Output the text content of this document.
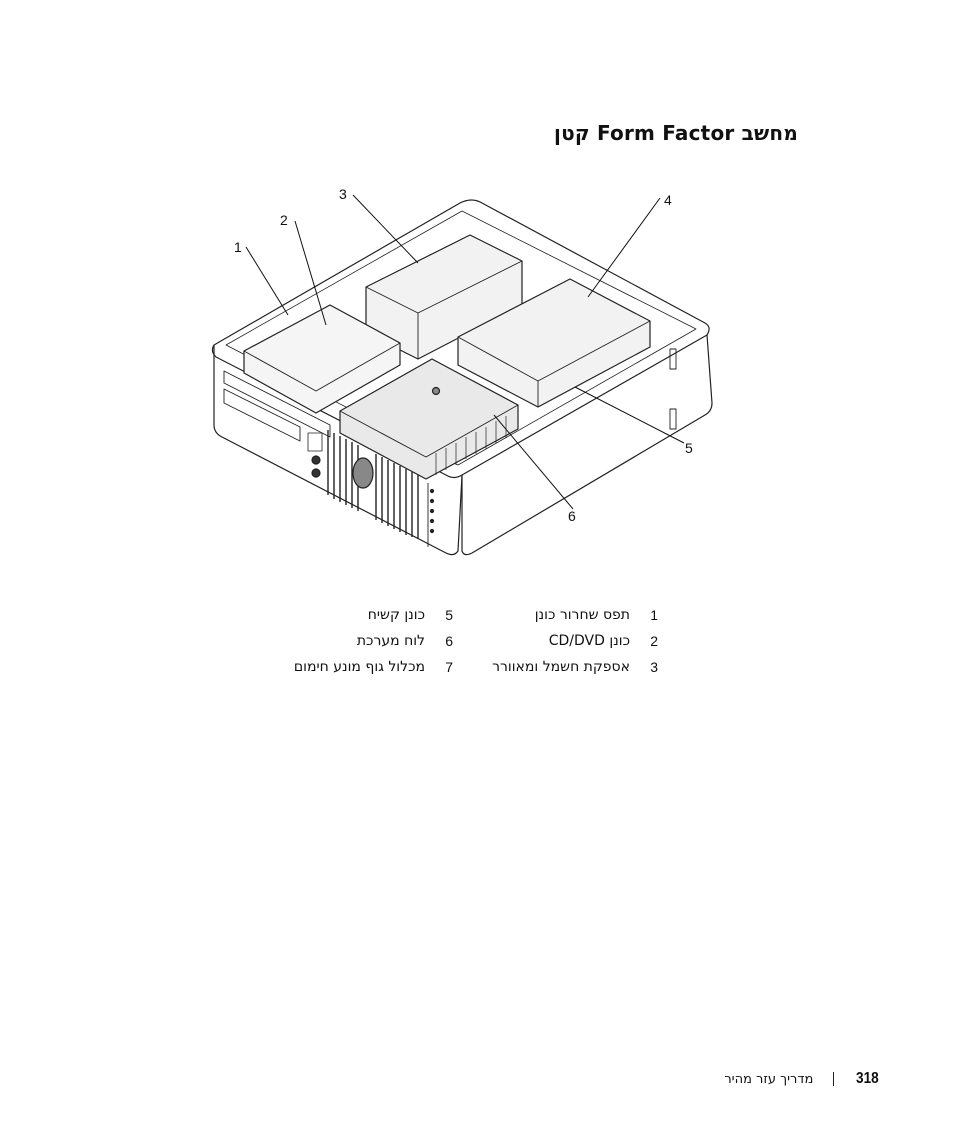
מחשב Form Factor קטן
1
2
3	4
5
6
1
תפס שחרור כונן
5
כונן קשיח
2
כונן CD/DVD
6
לוח מערכת
3
אספקת חשמל ומאוורר
7
מכלול גוף מונע חימום
318
מדריך עזר מהיר
